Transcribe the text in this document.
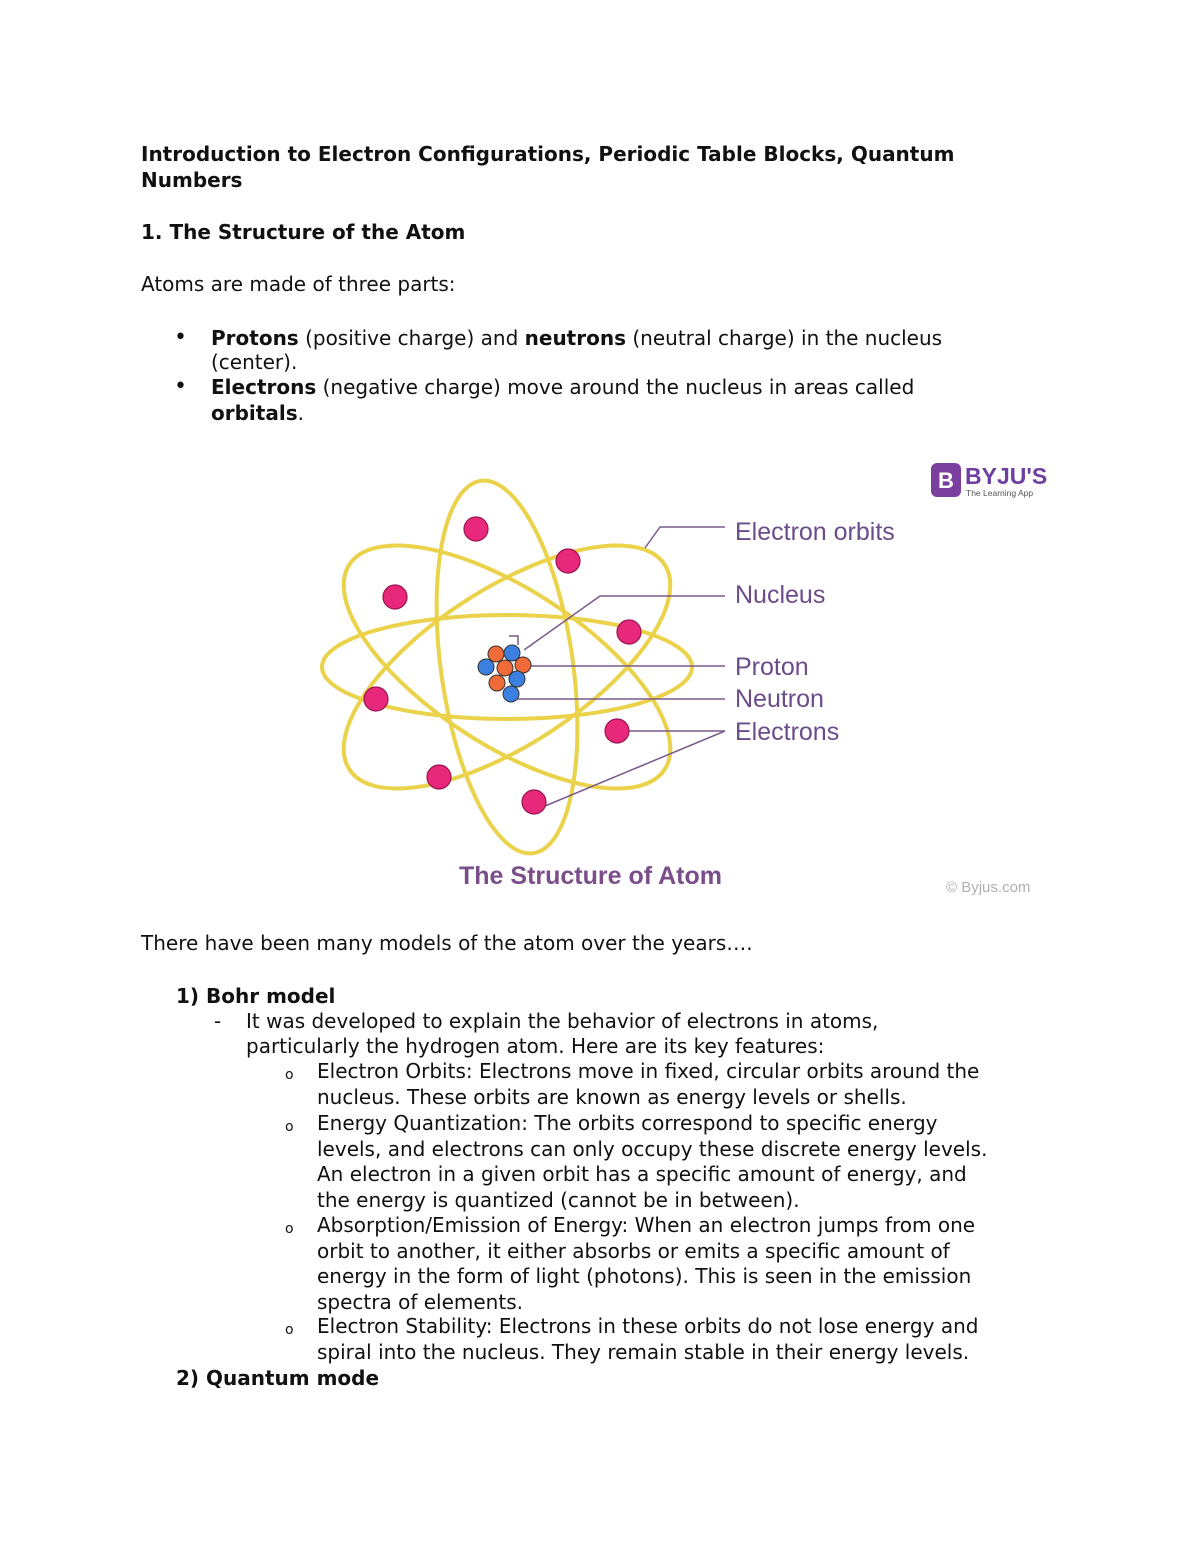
Introduction to Electron Configurations, Periodic Table Blocks, Quantum
Numbers
1. The Structure of the Atom
Atoms are made of three parts:
• Protons (positive charge) and neutrons (neutral charge) in the nucleus
(center).
• Electrons (negative charge) move around the nucleus in areas called
orbitals.
B BYJU'S
The Learning App
Electron orbits
Nucleus
Proton
Neutron
Electrons
The Structure of Atom	© Byjus.com
There have been many models of the atom over the years….
1) Bohr model
- It was developed to explain the behavior of electrons in atoms,
particularly the hydrogen atom. Here are its key features:
o Electron Orbits: Electrons move in fixed, circular orbits around the
nucleus. These orbits are known as energy levels or shells.
o Energy Quantization: The orbits correspond to specific energy
levels, and electrons can only occupy these discrete energy levels.
An electron in a given orbit has a specific amount of energy, and
the energy is quantized (cannot be in between).
o Absorption/Emission of Energy: When an electron jumps from one
orbit to another, it either absorbs or emits a specific amount of
energy in the form of light (photons). This is seen in the emission
spectra of elements.
o Electron Stability: Electrons in these orbits do not lose energy and
spiral into the nucleus. They remain stable in their energy levels.
2) Quantum mode
